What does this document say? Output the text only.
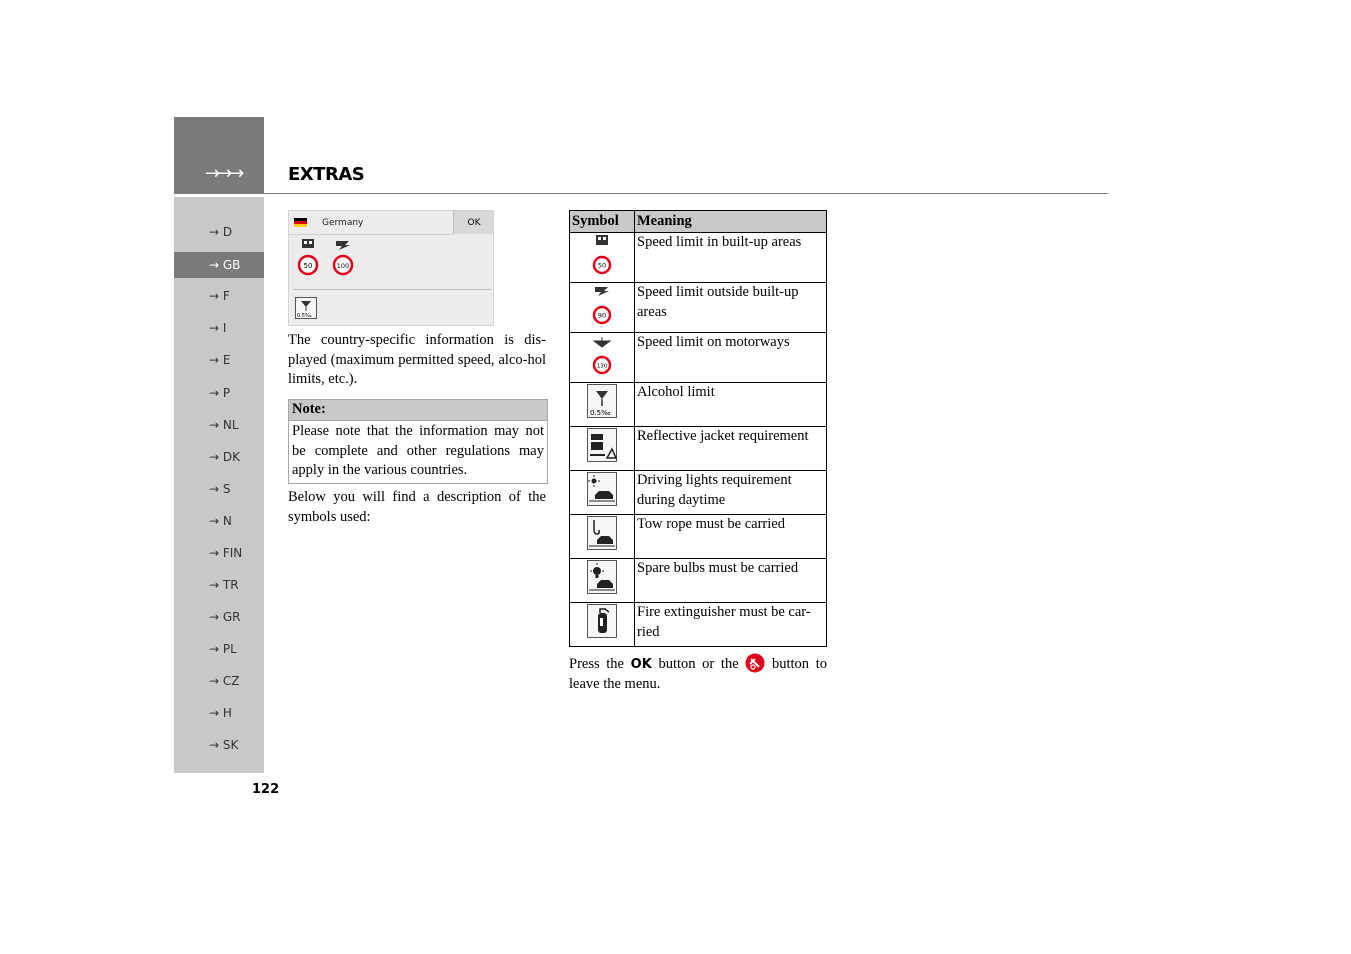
→→→	EXTRAS
→ D
→ GB
→ F
→ I
→ E
→ P
→ NL
→ DK
→ S
→ N
→ FIN
→ TR
→ GR
→ PL
→ CZ
→ H
→ SK
122
Germany	OK
50	100
0.5‰
The country-specific information is dis-played (maximum permitted speed, alco-hol limits, etc.).
Note:
Please note that the information may not be complete and other regulations may apply in the various countries.
Below you will find a description of the symbols used:
Symbol	Meaning

50	Speed limit in built-up areas

90	Speed limit outside built-up areas

130	Speed limit on motorways

0.5‰	Alcohol limit
	Reflective jacket requirement
	Driving lights requirement during daytime
	Tow rope must be carried
	Spare bulbs must be carried
	Fire extinguisher must be car-ried
Press the OK button or the  button to leave the menu.
